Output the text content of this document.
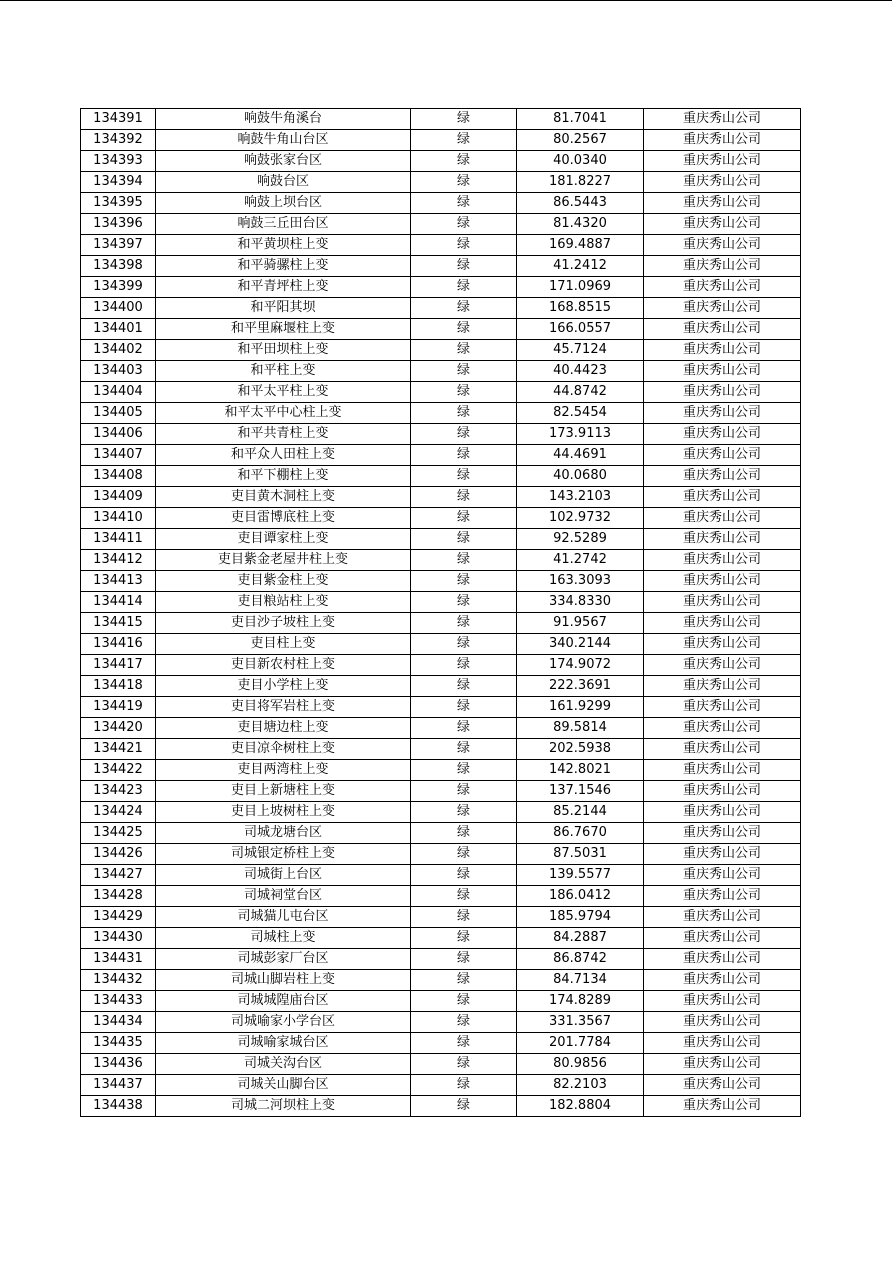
134391	响鼓牛角溪台	绿	81.7041	重庆秀山公司
134392	响鼓牛角山台区	绿	80.2567	重庆秀山公司
134393	响鼓张家台区	绿	40.0340	重庆秀山公司
134394	响鼓台区	绿	181.8227	重庆秀山公司
134395	响鼓上坝台区	绿	86.5443	重庆秀山公司
134396	响鼓三丘田台区	绿	81.4320	重庆秀山公司
134397	和平黄坝柱上变	绿	169.4887	重庆秀山公司
134398	和平骑骡柱上变	绿	41.2412	重庆秀山公司
134399	和平青坪柱上变	绿	171.0969	重庆秀山公司
134400	和平阳其坝	绿	168.8515	重庆秀山公司
134401	和平里麻堰柱上变	绿	166.0557	重庆秀山公司
134402	和平田坝柱上变	绿	45.7124	重庆秀山公司
134403	和平柱上变	绿	40.4423	重庆秀山公司
134404	和平太平柱上变	绿	44.8742	重庆秀山公司
134405	和平太平中心柱上变	绿	82.5454	重庆秀山公司
134406	和平共青柱上变	绿	173.9113	重庆秀山公司
134407	和平众人田柱上变	绿	44.4691	重庆秀山公司
134408	和平下棚柱上变	绿	40.0680	重庆秀山公司
134409	吏目黄木洞柱上变	绿	143.2103	重庆秀山公司
134410	吏目雷博底柱上变	绿	102.9732	重庆秀山公司
134411	吏目谭家柱上变	绿	92.5289	重庆秀山公司
134412	吏目紫金老屋井柱上变	绿	41.2742	重庆秀山公司
134413	吏目紫金柱上变	绿	163.3093	重庆秀山公司
134414	吏目粮站柱上变	绿	334.8330	重庆秀山公司
134415	吏目沙子坡柱上变	绿	91.9567	重庆秀山公司
134416	吏目柱上变	绿	340.2144	重庆秀山公司
134417	吏目新农村柱上变	绿	174.9072	重庆秀山公司
134418	吏目小学柱上变	绿	222.3691	重庆秀山公司
134419	吏目将军岩柱上变	绿	161.9299	重庆秀山公司
134420	吏目塘边柱上变	绿	89.5814	重庆秀山公司
134421	吏目凉伞树柱上变	绿	202.5938	重庆秀山公司
134422	吏目两湾柱上变	绿	142.8021	重庆秀山公司
134423	吏目上新塘柱上变	绿	137.1546	重庆秀山公司
134424	吏目上坡树柱上变	绿	85.2144	重庆秀山公司
134425	司城龙塘台区	绿	86.7670	重庆秀山公司
134426	司城银定桥柱上变	绿	87.5031	重庆秀山公司
134427	司城街上台区	绿	139.5577	重庆秀山公司
134428	司城祠堂台区	绿	186.0412	重庆秀山公司
134429	司城猫儿屯台区	绿	185.9794	重庆秀山公司
134430	司城柱上变	绿	84.2887	重庆秀山公司
134431	司城彭家厂台区	绿	86.8742	重庆秀山公司
134432	司城山脚岩柱上变	绿	84.7134	重庆秀山公司
134433	司城城隍庙台区	绿	174.8289	重庆秀山公司
134434	司城喻家小学台区	绿	331.3567	重庆秀山公司
134435	司城喻家城台区	绿	201.7784	重庆秀山公司
134436	司城关沟台区	绿	80.9856	重庆秀山公司
134437	司城关山脚台区	绿	82.2103	重庆秀山公司
134438	司城二河坝柱上变	绿	182.8804	重庆秀山公司
